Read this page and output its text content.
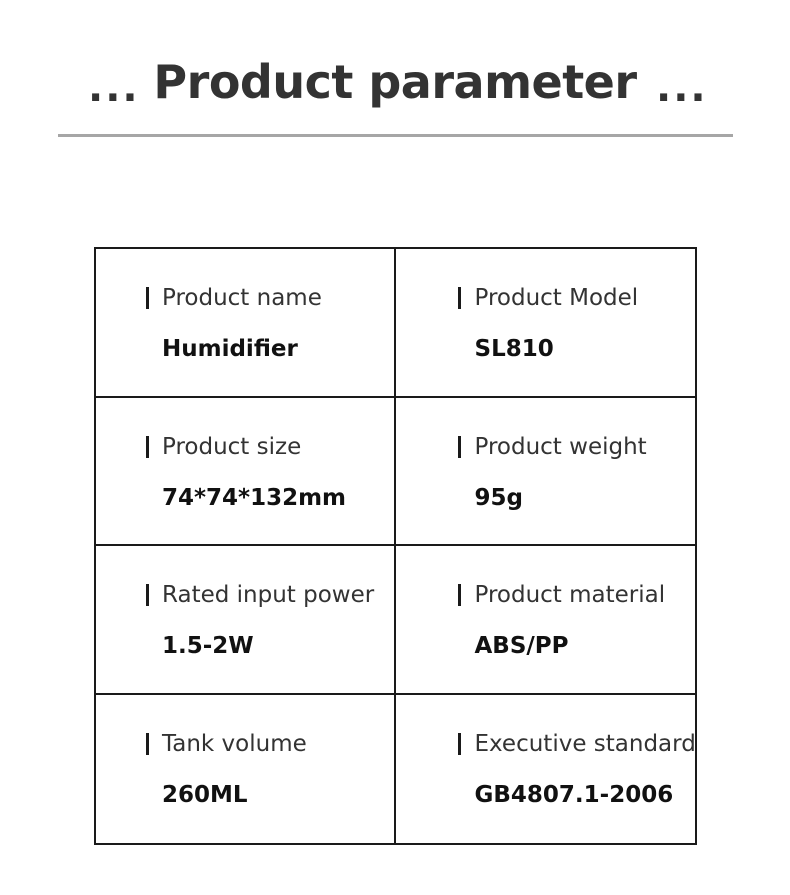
... Product parameter ...
Product name
Humidifier
Product Model
SL810
Product size
74*74*132mm
Product weight
95g
Rated input power
1.5-2W
Product material
ABS/PP
Tank volume
260ML
Executive standard
GB4807.1-2006
